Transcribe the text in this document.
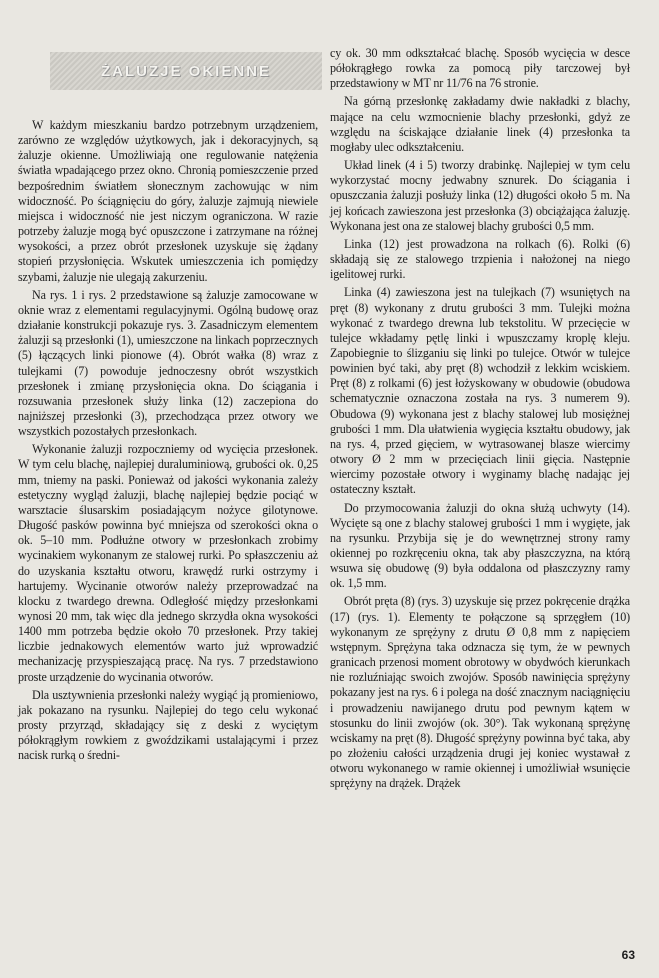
ŻALUZJE OKIENNE

W każdym mieszkaniu bardzo potrzebnym urządzeniem, zarówno ze względów użytkowych, jak i dekoracyjnych, są żaluzje okienne. Umożliwiają one regulowanie natężenia światła wpadającego przez okno. Chronią pomieszczenie przed bezpośrednim światłem słonecznym zachowując w nim widoczność. Po ściągnięciu do góry, żaluzje zajmują niewiele miejsca i widoczność nie jest niczym ograniczona. W razie potrzeby żaluzje mogą być opuszczone i zatrzymane na różnej wysokości, a przez obrót przesłonek uzyskuje się żądany stopień przysłonięcia. Wskutek umieszczenia ich pomiędzy szybami, żaluzje nie ulegają zakurzeniu.

Na rys. 1 i rys. 2 przedstawione są żaluzje zamocowane w oknie wraz z elementami regulacyjnymi. Ogólną budowę oraz działanie konstrukcji pokazuje rys. 3. Zasadniczym elementem żaluzji są przesłonki (1), umieszczone na linkach poprzecznych (5) łączących linki pionowe (4). Obrót wałka (8) wraz z tulejkami (7) powoduje jednoczesny obrót wszystkich przesłonek i zmianę przysłonięcia okna. Do ściągania i rozsuwania przesłonek służy linka (12) zaczepiona do najniższej przesłonki (3), przechodząca przez otwory we wszystkich pozostałych przesłonkach.

Wykonanie żaluzji rozpoczniemy od wycięcia przesłonek. W tym celu blachę, najlepiej duraluminiową, grubości ok. 0,25 mm, tniemy na paski. Ponieważ od jakości wykonania zależy estetyczny wygląd żaluzji, blachę najlepiej będzie pociąć w warsztacie ślusarskim posiadającym nożyce gilotynowe. Długość pasków powinna być mniejsza od szerokości okna o ok. 5–10 mm. Podłużne otwory w przesłonkach zrobimy wycinakiem wykonanym ze stalowej rurki. Po spłaszczeniu aż do uzyskania kształtu otworu, krawędź rurki ostrzymy i hartujemy. Wycinanie otworów należy przeprowadzać na klocku z twardego drewna. Odległość między przesłonkami wynosi 20 mm, tak więc dla jednego skrzydła okna wysokości 1400 mm potrzeba będzie około 70 przesłonek. Przy takiej liczbie jednakowych elementów warto już wprowadzić mechanizację przyspieszającą pracę. Na rys. 7 przedstawiono proste urządzenie do wycinania otworów.

Dla usztywnienia przesłonki należy wygiąć ją promieniowo, jak pokazano na rysunku. Najlepiej do tego celu wykonać prosty przyrząd, składający się z deski z wyciętym półokrągłym rowkiem z gwoździkami ustalającymi i przez nacisk rurką o średni-

cy ok. 30 mm odkształcać blachę. Sposób wycięcia w desce półokrągłego rowka za pomocą piły tarczowej był przedstawiony w MT nr 11/76 na 76 stronie.

Na górną przesłonkę zakładamy dwie nakładki z blachy, mające na celu wzmocnienie blachy przesłonki, gdyż ze względu na ściskające działanie linek (4) przesłonka ta mogłaby ulec odkształceniu.

Układ linek (4 i 5) tworzy drabinkę. Najlepiej w tym celu wykorzystać mocny jedwabny sznurek. Do ściągania i opuszczania żaluzji posłuży linka (12) długości około 5 m. Na jej końcach zawieszona jest przesłonka (3) obciążająca żaluzję. Wykonana jest ona ze stalowej blachy grubości 0,5 mm.

Linka (12) jest prowadzona na rolkach (6). Rolki (6) składają się ze stalowego trzpienia i nałożonej na niego igelitowej rurki.

Linka (4) zawieszona jest na tulejkach (7) wsuniętych na pręt (8) wykonany z drutu grubości 3 mm. Tulejki można wykonać z twardego drewna lub tekstolitu. W przecięcie w tulejce wkładamy pętlę linki i wpuszczamy kroplę kleju. Zapobiegnie to ślizganiu się linki po tulejce. Otwór w tulejce powinien być taki, aby pręt (8) wchodził z lekkim wciskiem. Pręt (8) z rolkami (6) jest łożyskowany w obudowie (obudowa schematycznie oznaczona została na rys. 3 numerem 9). Obudowa (9) wykonana jest z blachy stalowej lub mosiężnej grubości 1 mm. Dla ułatwienia wygięcia kształtu obudowy, jak na rys. 4, przed gięciem, w wytrasowanej blasze wiercimy otwory Ø 2 mm w przecięciach linii gięcia. Następnie wiercimy pozostałe otwory i wyginamy blachę nadając jej ostateczny kształt.

Do przymocowania żaluzji do okna służą uchwyty (14). Wycięte są one z blachy stalowej grubości 1 mm i wygięte, jak na rysunku. Przybija się je do wewnętrznej strony ramy okiennej po rozkręceniu okna, tak aby płaszczyzna, na którą wsuwa się obudowę (9) była oddalona od płaszczyzny ramy ok. 1,5 mm.

Obrót pręta (8) (rys. 3) uzyskuje się przez pokręcenie drążka (17) (rys. 1). Elementy te połączone są sprzęgłem (10) wykonanym ze sprężyny z drutu Ø 0,8 mm z napięciem wstępnym. Sprężyna taka odznacza się tym, że w pewnych granicach przenosi moment obrotowy w obydwóch kierunkach nie rozluźniając swoich zwojów. Sposób nawinięcia sprężyny pokazany jest na rys. 6 i polega na dość znacznym naciągnięciu i prowadzeniu nawijanego drutu pod pewnym kątem w stosunku do linii zwojów (ok. 30°). Tak wykonaną sprężynę wciskamy na pręt (8). Długość sprężyny powinna być taka, aby po złożeniu całości urządzenia drugi jej koniec wystawał z otworu wykonanego w ramie okiennej i umożliwiał wsunięcie sprężyny na drążek. Drążek

63
